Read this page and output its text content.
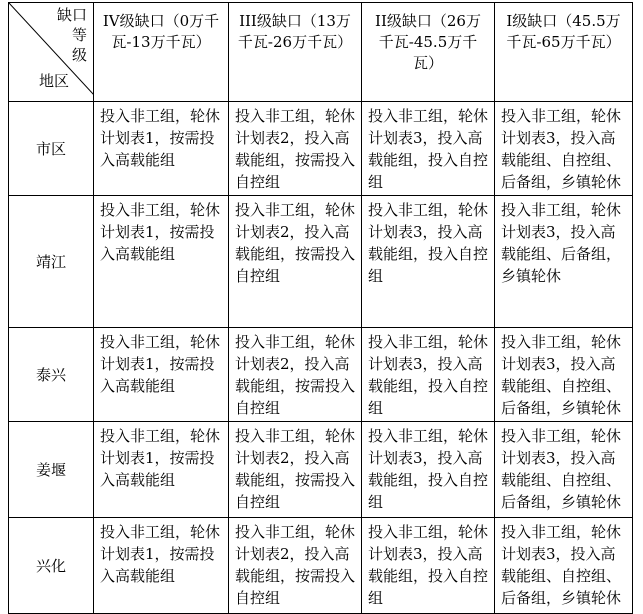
缺口
等级
地区	IV级缺口（0万千瓦-13万千瓦）	III级缺口（13万千瓦-26万千瓦）	II级缺口（26万千瓦-45.5万千瓦）	I级缺口（45.5万千瓦-65万千瓦）
市区	投入非工组，轮休计划表1，按需投入高载能组	投入非工组，轮休计划表2，投入高载能组，按需投入自控组	投入非工组，轮休计划表3，投入高载能组，投入自控组	投入非工组，轮休计划表3，投入高载能组、自控组、后备组，乡镇轮休
靖江	投入非工组，轮休计划表1，按需投入高载能组	投入非工组，轮休计划表2，投入高载能组，按需投入自控组	投入非工组，轮休计划表3，投入高载能组，投入自控组	投入非工组，轮休计划表3，投入高载能组、后备组，乡镇轮休
泰兴	投入非工组，轮休计划表1，按需投入高载能组	投入非工组，轮休计划表2，投入高载能组，按需投入自控组	投入非工组，轮休计划表3，投入高载能组，投入自控组	投入非工组，轮休计划表3，投入高载能组、自控组、后备组，乡镇轮休
姜堰	投入非工组，轮休计划表1，按需投入高载能组	投入非工组，轮休计划表2，投入高载能组，按需投入自控组	投入非工组，轮休计划表3，投入高载能组，投入自控组	投入非工组，轮休计划表3，投入高载能组、自控组、后备组，乡镇轮休
兴化	投入非工组，轮休计划表1，按需投入高载能组	投入非工组，轮休计划表2，投入高载能组，按需投入自控组	投入非工组，轮休计划表3，投入高载能组，投入自控组	投入非工组，轮休计划表3，投入高载能组、自控组、后备组，乡镇轮休
